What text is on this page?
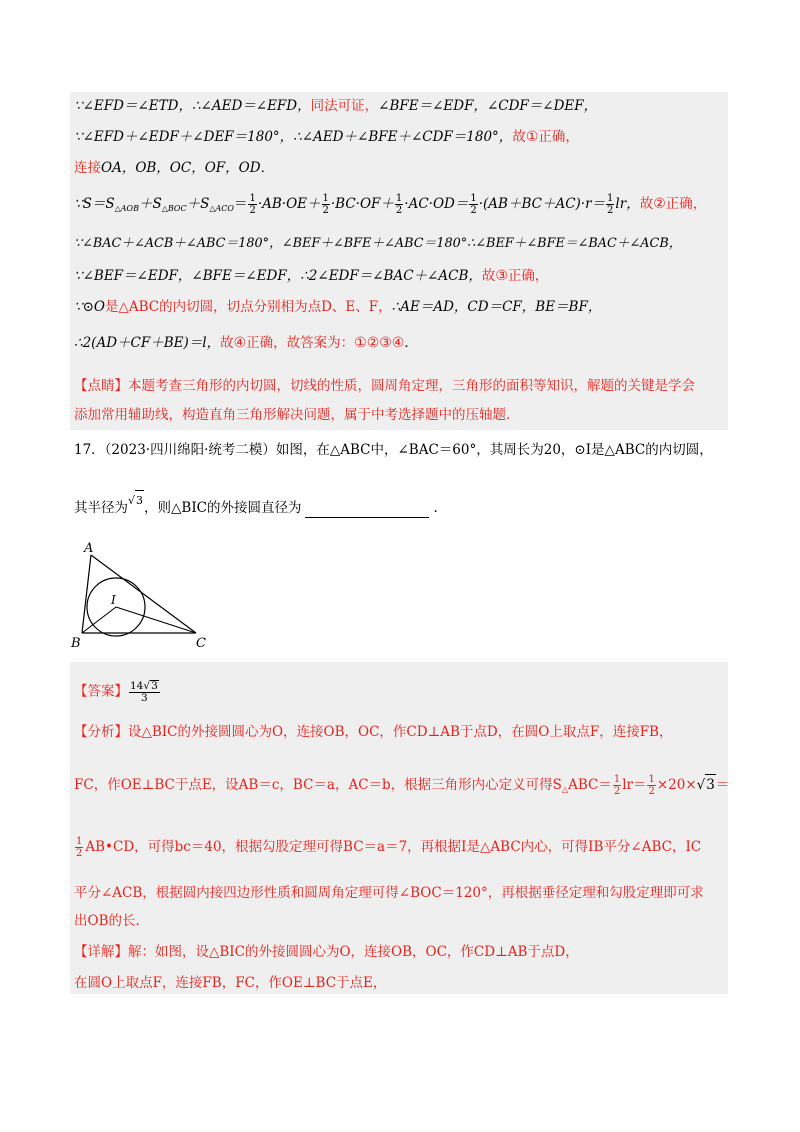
∵∠EFD＝∠ETD，∴∠AED＝∠EFD，同法可证，∠BFE＝∠EDF，∠CDF＝∠DEF，
∵∠EFD＋∠EDF＋∠DEF＝180°，∴∠AED＋∠BFE＋∠CDF＝180°，故①正确，
连接OA，OB，OC，OF，OD．
$\because S=S_{\triangle AOB}+S_{\triangle BOC}+S_{\triangle ACO}= \frac{1}{2} \cdot AB\cdot OE+ \frac{1}{2} \cdot BC\cdot OF+ \frac{1}{2} \cdot AC\cdot OD= \frac{1}{2} \cdot(AB+BC+AC)\cdot r= \frac{1}{2}$ lr，故②正确，
∵∠BAC＋∠ACB＋∠ABC＝180°，∠BEF＋∠BFE＋∠ABC＝180°∴∠BEF＋∠BFE＝∠BAC＋∠ACB，
∵∠BEF＝∠EDF，∠BFE＝∠EDF，∴2∠EDF＝∠BAC＋∠ACB，故③正确，
∵⊙O是△ABC的内切圆，切点分别相为点D、E、F，∴AE＝AD，CD＝CF，BE＝BF，
∴2(AD＋CF＋BE)＝l，故④正确，故答案为：①②③④．
【点睛】本题考查三角形的内切圆，切线的性质，圆周角定理，三角形的面积等知识，解题的关键是学会
添加常用辅助线，构造直角三角形解决问题，属于中考选择题中的压轴题.
17．（2023·四川绵阳·统考二模）如图，在△ABC中，∠BAC＝60°，其周长为20，⊙I是△ABC的内切圆，
其半径为$^{√3}$，则△BIC的外接圆直径为	.
A
B	C
I
【答案】 $\frac{14√3}{3}$
【分析】设△BIC的外接圆圆心为O，连接OB，OC，作CD⊥AB于点D，在圆O上取点F，连接FB，
FC，作OE⊥BC于点E，设AB＝c，BC＝a，AC＝b，根据三角形内心定义可得$S_\triangle ABC= \frac{1}{2} lr= \frac{1}{2} \times 20\times√3=$
$\frac{1}{2}$ AB•CD，可得bc＝40，根据勾股定理可得BC＝a＝7，再根据I是△ABC内心，可得IB平分∠ABC，IC
平分∠ACB，根据圆内接四边形性质和圆周角定理可得∠BOC＝120°，再根据垂径定理和勾股定理即可求
出OB的长.
【详解】解：如图，设△BIC的外接圆圆心为O，连接OB，OC，作CD⊥AB于点D，
在圆O上取点F，连接FB，FC，作OE⊥BC于点E，
